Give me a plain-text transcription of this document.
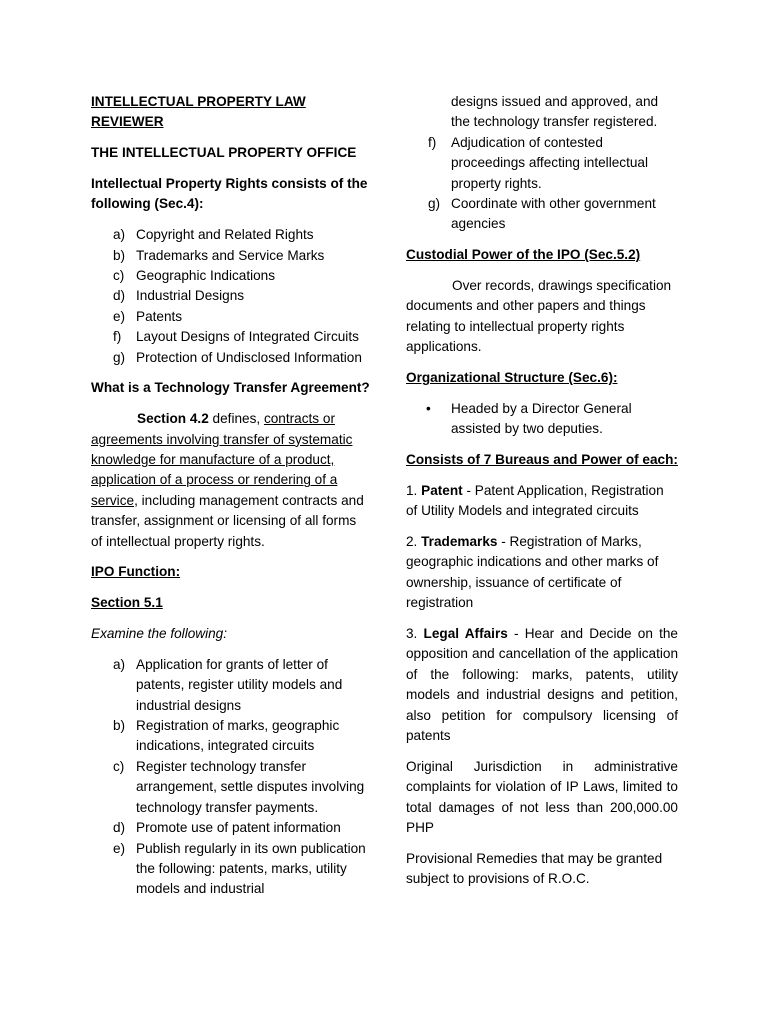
INTELLECTUAL PROPERTY LAW REVIEWER

THE INTELLECTUAL PROPERTY OFFICE

Intellectual Property Rights consists of the following (Sec.4):

a) Copyright and Related Rights
b) Trademarks and Service Marks
c) Geographic Indications
d) Industrial Designs
e) Patents
f) Layout Designs of Integrated Circuits
g) Protection of Undisclosed Information

What is a Technology Transfer Agreement?

Section 4.2 defines, contracts or agreements involving transfer of systematic knowledge for manufacture of a product, application of a process or rendering of a service, including management contracts and transfer, assignment or licensing of all forms of intellectual property rights.

IPO Function:

Section 5.1

Examine the following:

a) Application for grants of letter of patents, register utility models and industrial designs
b) Registration of marks, geographic indications, integrated circuits
c) Register technology transfer arrangement, settle disputes involving technology transfer payments.
d) Promote use of patent information
e) Publish regularly in its own publication the following: patents, marks, utility models and industrial

designs issued and approved, and the technology transfer registered.

f) Adjudication of contested proceedings affecting intellectual property rights.
g) Coordinate with other government agencies

Custodial Power of the IPO (Sec.5.2)

Over records, drawings specification documents and other papers and things relating to intellectual property rights applications.

Organizational Structure (Sec.6):

• Headed by a Director General assisted by two deputies.

Consists of 7 Bureaus and Power of each:

1. Patent - Patent Application, Registration of Utility Models and integrated circuits

2. Trademarks - Registration of Marks, geographic indications and other marks of ownership, issuance of certificate of registration

3. Legal Affairs - Hear and Decide on the opposition and cancellation of the application of the following: marks, patents, utility models and industrial designs and petition, also petition for compulsory licensing of patents

Original Jurisdiction in administrative complaints for violation of IP Laws, limited to total damages of not less than 200,000.00 PHP

Provisional Remedies that may be granted subject to provisions of R.O.C.
